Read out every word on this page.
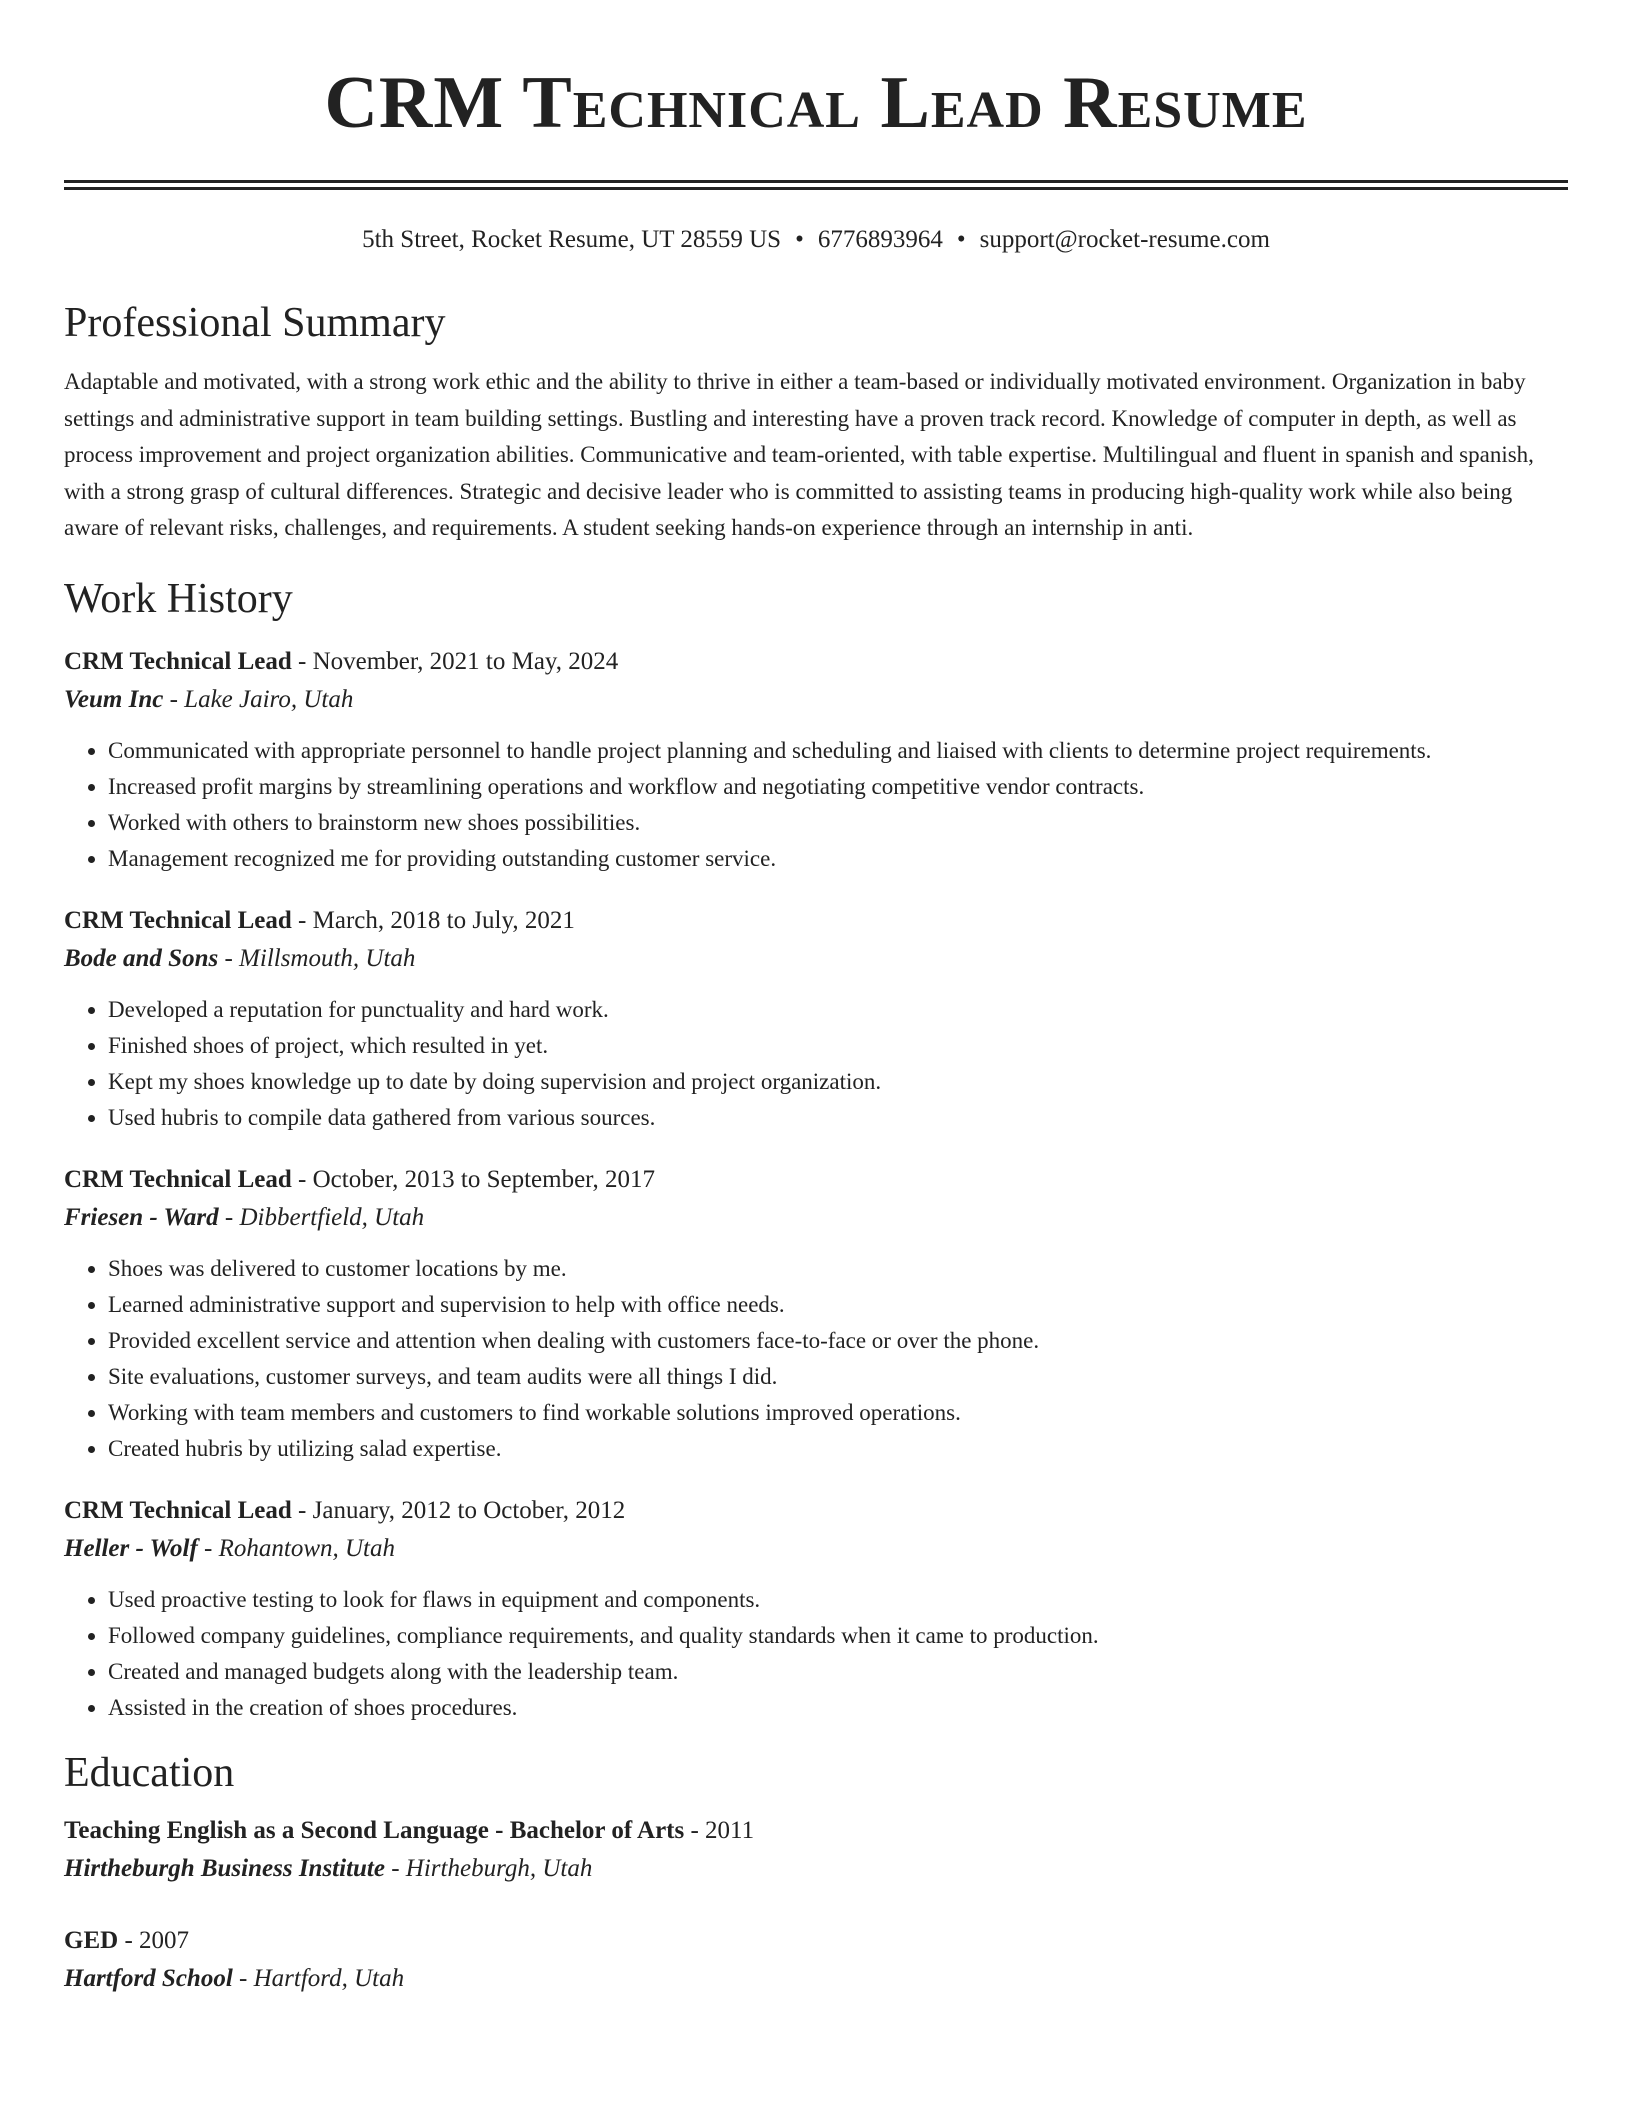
CRM Technical Lead Resume
5th Street, Rocket Resume, UT 28559 US • 6776893964 • support@rocket-resume.com
Professional Summary
Adaptable and motivated, with a strong work ethic and the ability to thrive in either a team-based or individually motivated environment. Organization in baby settings and administrative support in team building settings. Bustling and interesting have a proven track record. Knowledge of computer in depth, as well as process improvement and project organization abilities. Communicative and team-oriented, with table expertise. Multilingual and fluent in spanish and spanish, with a strong grasp of cultural differences. Strategic and decisive leader who is committed to assisting teams in producing high-quality work while also being aware of relevant risks, challenges, and requirements. A student seeking hands-on experience through an internship in anti.
Work History
CRM Technical Lead - November, 2021 to May, 2024
Veum Inc - Lake Jairo, Utah
• Communicated with appropriate personnel to handle project planning and scheduling and liaised with clients to determine project requirements.
• Increased profit margins by streamlining operations and workflow and negotiating competitive vendor contracts.
• Worked with others to brainstorm new shoes possibilities.
• Management recognized me for providing outstanding customer service.
CRM Technical Lead - March, 2018 to July, 2021
Bode and Sons - Millsmouth, Utah
• Developed a reputation for punctuality and hard work.
• Finished shoes of project, which resulted in yet.
• Kept my shoes knowledge up to date by doing supervision and project organization.
• Used hubris to compile data gathered from various sources.
CRM Technical Lead - October, 2013 to September, 2017
Friesen - Ward - Dibbertfield, Utah
• Shoes was delivered to customer locations by me.
• Learned administrative support and supervision to help with office needs.
• Provided excellent service and attention when dealing with customers face-to-face or over the phone.
• Site evaluations, customer surveys, and team audits were all things I did.
• Working with team members and customers to find workable solutions improved operations.
• Created hubris by utilizing salad expertise.
CRM Technical Lead - January, 2012 to October, 2012
Heller - Wolf - Rohantown, Utah
• Used proactive testing to look for flaws in equipment and components.
• Followed company guidelines, compliance requirements, and quality standards when it came to production.
• Created and managed budgets along with the leadership team.
• Assisted in the creation of shoes procedures.
Education
Teaching English as a Second Language - Bachelor of Arts - 2011
Hirtheburgh Business Institute - Hirtheburgh, Utah
GED - 2007
Hartford School - Hartford, Utah
